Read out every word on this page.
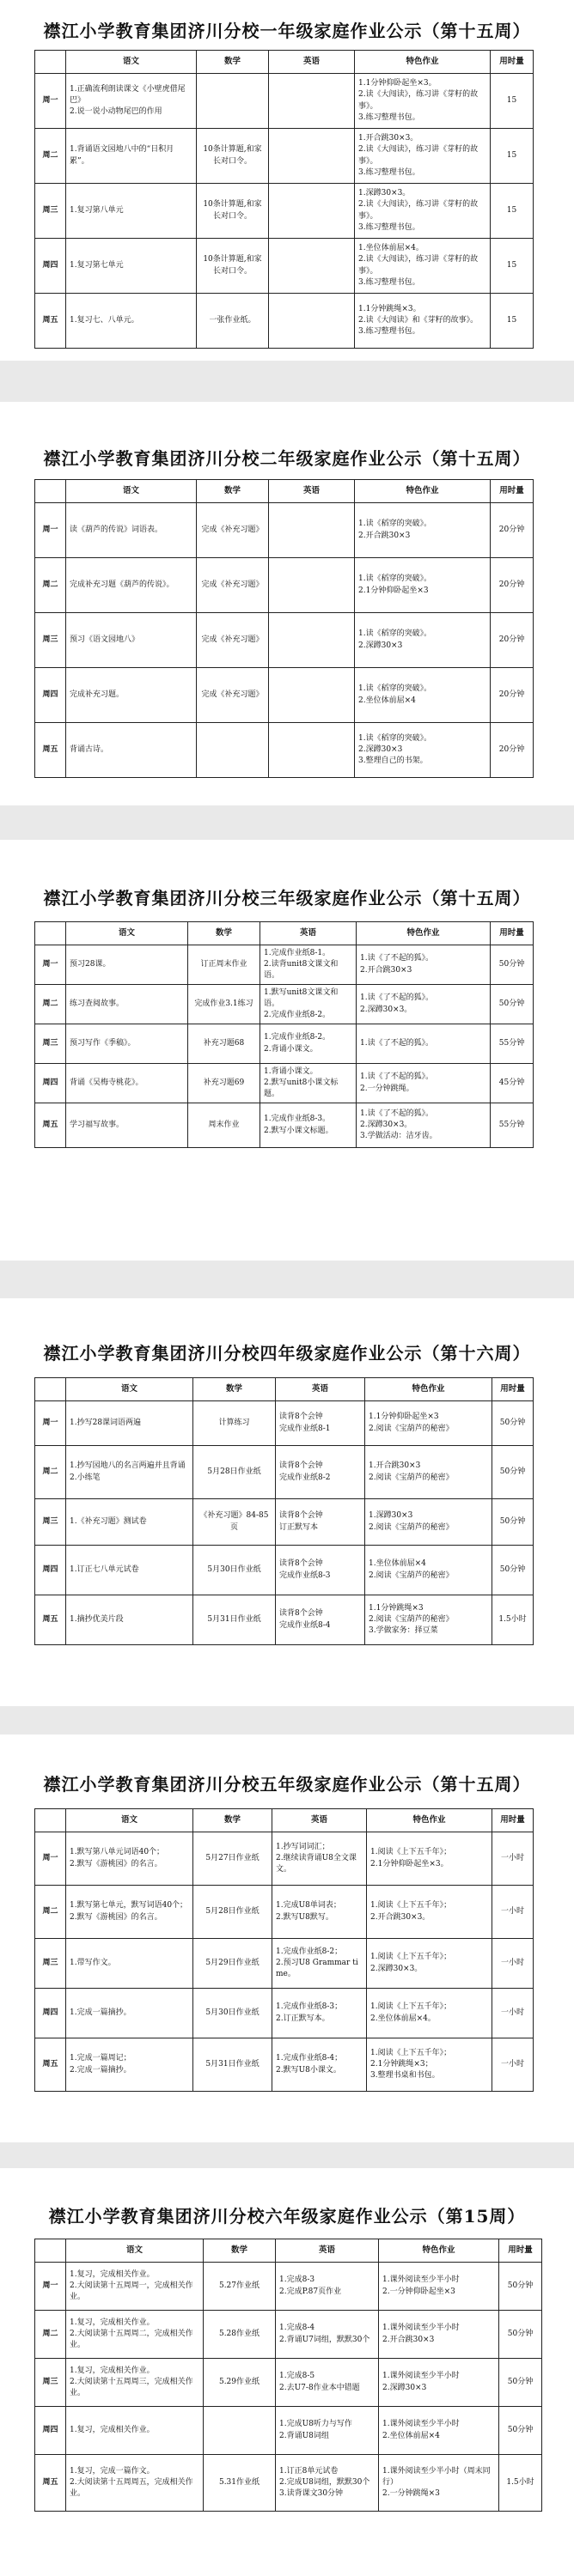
襟江小学教育集团济川分校一年级家庭作业公示（第十五周）
	语文	数学	英语	特色作业	用时量
周一	1.正确流利朗读课文《小壁虎借尾巴》
2.说一说小动物尾巴的作用			1.1分钟仰卧起坐×3。
2.读《大闯读》，练习讲《芽籽的故事》。
3.练习整理书包。	15
周二	1.背诵语文园地八中的“日积月累”。	10条计算题,和家长对口令。		1.开合跳30×3。
2.读《大闯读》，练习讲《芽籽的故事》。
3.练习整理书包。	15
周三	1.复习第八单元	10条计算题,和家长对口令。		1.深蹲30×3。
2.读《大闯读》，练习讲《芽籽的故事》。
3.练习整理书包。	15
周四	1.复习第七单元	10条计算题,和家长对口令。		1.坐位体前屈×4。
2.读《大闯读》，练习讲《芽籽的故事》。
3.练习整理书包。	15
周五	1.复习七、八单元。	一张作业纸。		1.1分钟跳绳×3。
2.读《大闯读》和《芽籽的故事》。
3.练习整理书包。	15
襟江小学教育集团济川分校二年级家庭作业公示（第十五周）
	语文	数学	英语	特色作业	用时量
周一	读《葫芦的传说》词语表。	完成《补充习题》		1.读《稻穿的突破》。
2.开合跳30×3	20分钟
周二	完成补充习题《葫芦的传说》。	完成《补充习题》		1.读《稻穿的突破》。
2.1分钟仰卧起坐×3	20分钟
周三	预习《语文园地八》	完成《补充习题》		1.读《稻穿的突破》。
2.深蹲30×3	20分钟
周四	完成补充习题。	完成《补充习题》		1.读《稻穿的突破》。
2.坐位体前屈×4	20分钟
周五	背诵古诗。			1.读《稻穿的突破》。
2.深蹲30×3
3.整理自己的书架。	20分钟
襟江小学教育集团济川分校三年级家庭作业公示（第十五周）
	语文	数学	英语	特色作业	用时量
周一	预习28课。	订正周末作业	1.完成作业纸8-1。
2.读背unit8文课文和语。	1.读《了不起的狐》。
2.开合跳30×3	50分钟
周二	练习查阅故事。	完成作业3.1练习	1.默写unit8文课文和语。
2.完成作业纸8-2。	1.读《了不起的狐》。
2.深蹲30×3。	50分钟
周三	预习写作《季稿》。	补充习题68	1.完成作业纸8-2。
2.背诵小课文。	1.读《了不起的狐》。	55分钟
周四	背诵《吴梅寺桃花》。	补充习题69	1.背诵小课文。
2.默写unit8小课文标题。	1.读《了不起的狐》。
2.一分钟跳绳。	45分钟
周五	学习福写故事。	周末作业	1.完成作业纸8-3。
2.默写小课文标题。	1.读《了不起的狐》。
2.深蹲30×3。
3.学做活动：洁牙齿。	55分钟
襟江小学教育集团济川分校四年级家庭作业公示（第十六周）
	语文	数学	英语	特色作业	用时量
周一	1.抄写28课词语两遍	计算练习	读背8个会钟
完成作业纸8-1	1.1分钟仰卧起坐×3
2.阅读《宝葫芦的秘密》	50分钟
周二	1.抄写园地八的名言两遍并且背诵
2.小练笔	5月28日作业纸	读背8个会钟
完成作业纸8-2	1.开合跳30×3
2.阅读《宝葫芦的秘密》	50分钟
周三	1.《补充习题》测试卷	《补充习题》84-85页	读背8个会钟
订正默写本	1.深蹲30×3
2.阅读《宝葫芦的秘密》	50分钟
周四	1.订正七八单元试卷	5月30日作业纸	读背8个会钟
完成作业纸8-3	1.坐位体前屈×4
2.阅读《宝葫芦的秘密》	50分钟
周五	1.摘抄优美片段	5月31日作业纸	读背8个会钟
完成作业纸8-4	1.1分钟跳绳×3
2.阅读《宝葫芦的秘密》
3.学做家务：择豆菜	1.5小时
襟江小学教育集团济川分校五年级家庭作业公示（第十五周）
	语文	数学	英语	特色作业	用时量
周一	1.默写第八单元词语40个；
2.默写《游桃园》的名言。	5月27日作业纸	1.抄写词词汇；
2.继续读背诵U8全文课文。	1.阅读《上下五千年》；
2.1分钟仰卧起坐×3。	一小时
周二	1.默写第七单元，默写词语40个；
2.默写《游桃园》的名言。	5月28日作业纸	1.完成U8单词表；
2.默写U8默写。	1.阅读《上下五千年》；
2.开合跳30×3。	一小时
周三	1.带写作文。	5月29日作业纸	1.完成作业纸8-2；
2.预习U8 Grammar time。	1.阅读《上下五千年》；
2.深蹲30×3。	一小时
周四	1.完成一篇摘抄。	5月30日作业纸	1.完成作业纸8-3；
2.订正默写本。	1.阅读《上下五千年》；
2.坐位体前屈×4。	一小时
周五	1.完成一篇周记；
2.完成一篇摘抄。	5月31日作业纸	1.完成作业纸8-4；
2.默写U8小课文。	1.阅读《上下五千年》；
2.1分钟跳绳×3；
3.整理书桌和书包。	一小时
襟江小学教育集团济川分校六年级家庭作业公示（第15周）
	语文	数学	英语	特色作业	用时量
周一	1.复习，完成相关作业。
2.大阅读第十五周周一，完成相关作业。	5.27作业纸	1.完成8-3
2.完成P.87页作业	1.课外阅读至少半小时
2.一分钟仰卧起坐×3	50分钟
周二	1.复习，完成相关作业。
2.大阅读第十五周周二，完成相关作业。	5.28作业纸	1.完成8-4
2.背诵U7词组，默默30个	1.课外阅读至少半小时
2.开合跳30×3	50分钟
周三	1.复习，完成相关作业。
2.大阅读第十五周周三，完成相关作业。	5.29作业纸	1.完成8-5
2.去U7-8作业本中错题	1.课外阅读至少半小时
2.深蹲30×3	50分钟
周四	1.复习，完成相关作业。		1.完成U8听力与写作
2.背诵U8词组	1.课外阅读至少半小时
2.坐位体前屈×4	50分钟
周五	1.复习，完成一篇作文。
2.大阅读第十五周周五，完成相关作业。	5.31作业纸	1.订正8单元试卷
2.完成U8词组，默默30个
3.读背课文30分钟	1.课外阅读至少半小时（周末同行）
2.一分钟跳绳×3	1.5小时
